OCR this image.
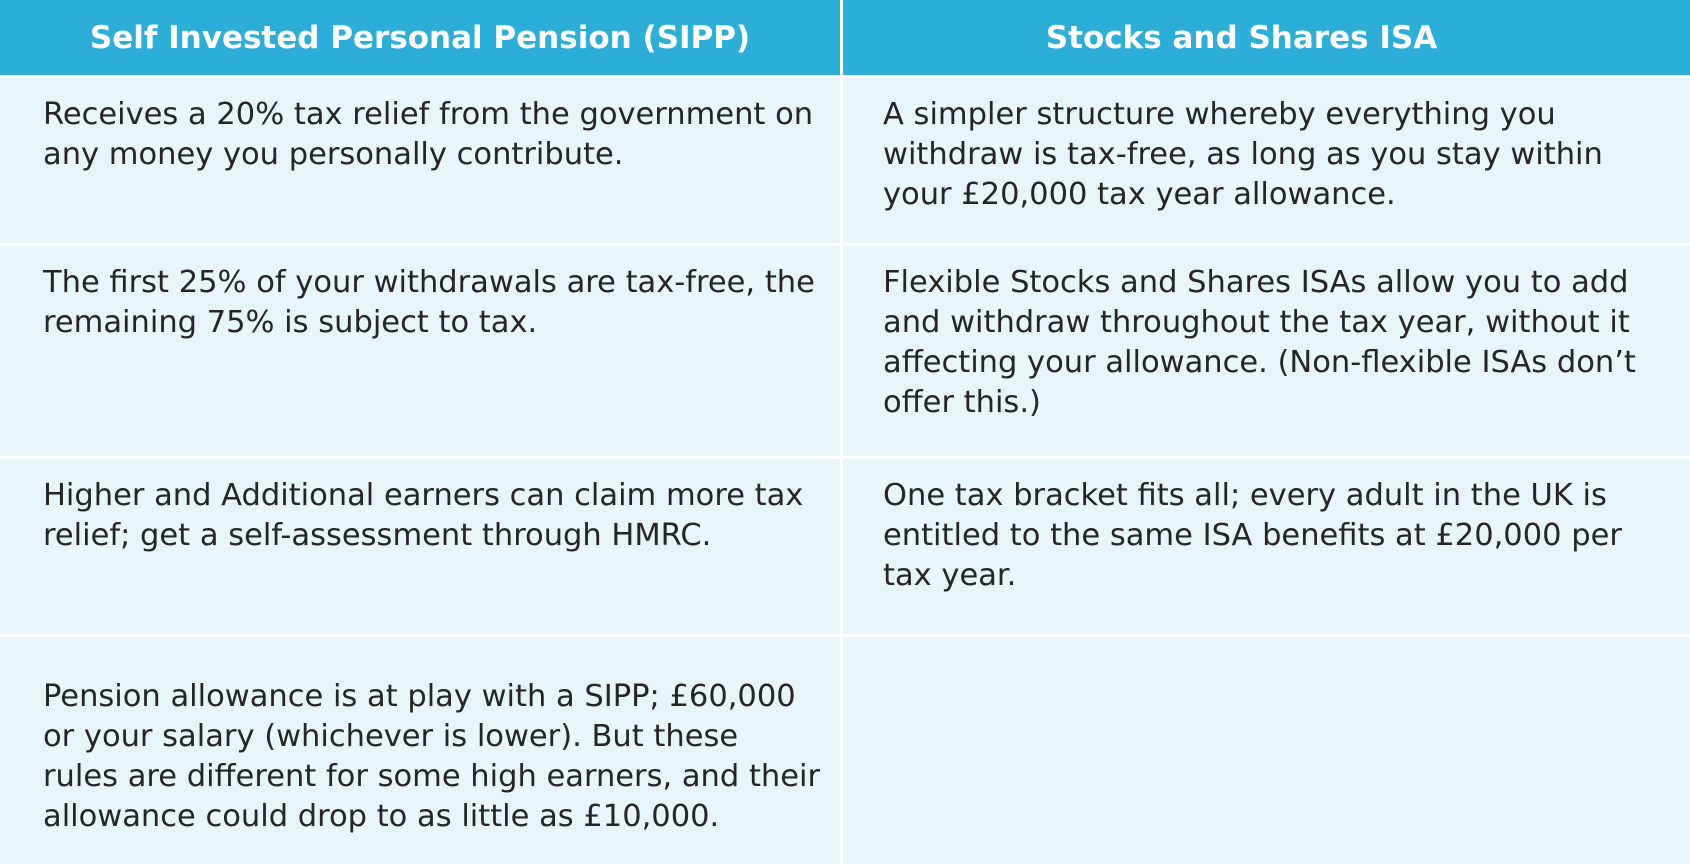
Self Invested Personal Pension (SIPP)	Stocks and Shares ISA

Receives a 20% tax relief from the government on any money you personally contribute.

A simpler structure whereby everything you withdraw is tax-free, as long as you stay within your £20,000 tax year allowance.

The first 25% of your withdrawals are tax-free, the remaining 75% is subject to tax.

Flexible Stocks and Shares ISAs allow you to add and withdraw throughout the tax year, without it affecting your allowance. (Non-flexible ISAs don’t offer this.)

Higher and Additional earners can claim more tax relief; get a self-assessment through HMRC.

One tax bracket fits all; every adult in the UK is entitled to the same ISA benefits at £20,000 per tax year.

Pension allowance is at play with a SIPP; £60,000 or your salary (whichever is lower). But these rules are different for some high earners, and their allowance could drop to as little as £10,000.
